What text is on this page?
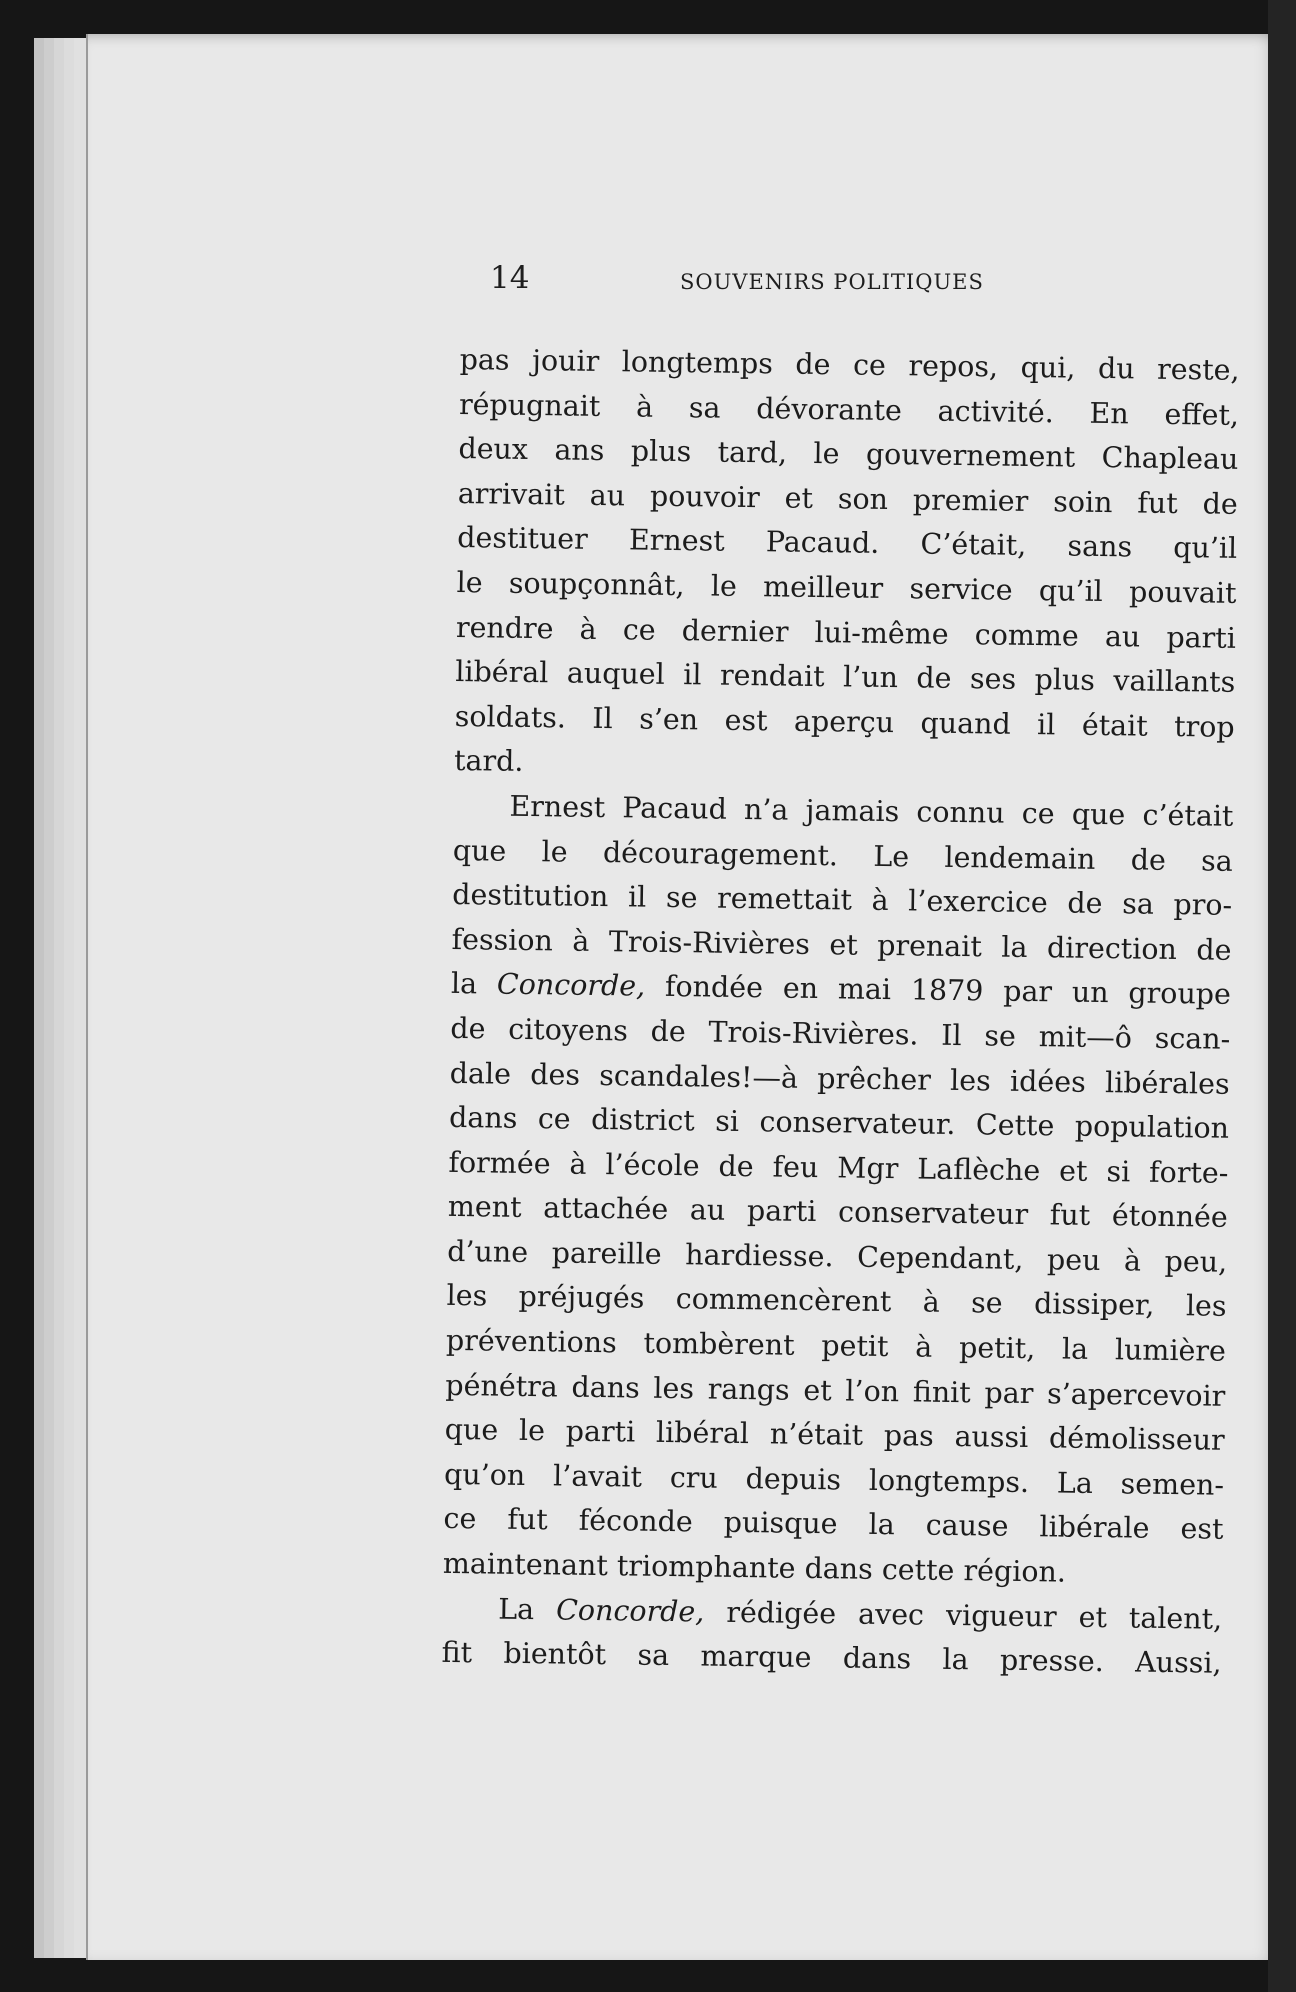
14	SOUVENIRS POLITIQUES
pas jouir longtemps de ce repos, qui, du reste,
répugnait à sa dévorante activité. En effet,
deux ans plus tard, le gouvernement Chapleau
arrivait au pouvoir et son premier soin fut de
destituer Ernest Pacaud. C’était, sans qu’il
le soupçonnât, le meilleur service qu’il pouvait
rendre à ce dernier lui-même comme au parti
libéral auquel il rendait l’un de ses plus vaillants
soldats. Il s’en est aperçu quand il était trop
tard.
Ernest Pacaud n’a jamais connu ce que c’était
que le découragement. Le lendemain de sa
destitution il se remettait à l’exercice de sa pro-
fession à Trois-Rivières et prenait la direction de
la Concorde, fondée en mai 1879 par un groupe
de citoyens de Trois-Rivières. Il se mit—ô scan-
dale des scandales!—à prêcher les idées libérales
dans ce district si conservateur. Cette population
formée à l’école de feu Mgr Laflèche et si forte-
ment attachée au parti conservateur fut étonnée
d’une pareille hardiesse. Cependant, peu à peu,
les préjugés commencèrent à se dissiper, les
préventions tombèrent petit à petit, la lumière
pénétra dans les rangs et l’on finit par s’apercevoir
que le parti libéral n’était pas aussi démolisseur
qu’on l’avait cru depuis longtemps. La semen-
ce fut féconde puisque la cause libérale est
maintenant triomphante dans cette région.
La Concorde, rédigée avec vigueur et talent,
fit bientôt sa marque dans la presse. Aussi,
